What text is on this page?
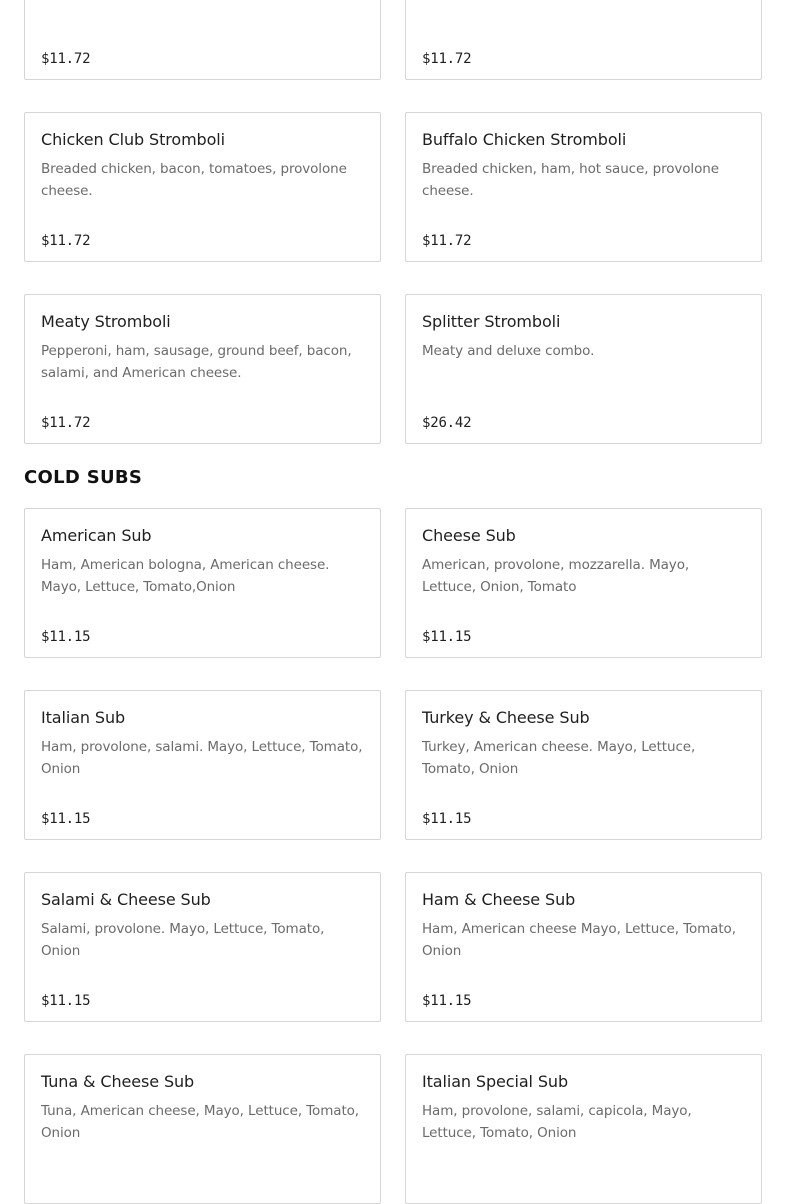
$11.72	$11.72
Chicken Club Stromboli
Breaded chicken, bacon, tomatoes, provolone cheese.
$11.72
Buffalo Chicken Stromboli
Breaded chicken, ham, hot sauce, provolone cheese.
$11.72
Meaty Stromboli
Pepperoni, ham, sausage, ground beef, bacon, salami, and American cheese.
$11.72
Splitter Stromboli
Meaty and deluxe combo.
$26.42
COLD SUBS
American Sub
Ham, American bologna, American cheese. Mayo, Lettuce, Tomato,Onion
$11.15
Cheese Sub
American, provolone, mozzarella. Mayo, Lettuce, Onion, Tomato
$11.15
Italian Sub
Ham, provolone, salami. Mayo, Lettuce, Tomato, Onion
$11.15
Turkey & Cheese Sub
Turkey, American cheese. Mayo, Lettuce, Tomato, Onion
$11.15
Salami & Cheese Sub
Salami, provolone. Mayo, Lettuce, Tomato, Onion
$11.15
Ham & Cheese Sub
Ham, American cheese Mayo, Lettuce, Tomato, Onion
$11.15
Tuna & Cheese Sub
Tuna, American cheese, Mayo, Lettuce, Tomato, Onion
Italian Special Sub
Ham, provolone, salami, capicola, Mayo, Lettuce, Tomato, Onion
